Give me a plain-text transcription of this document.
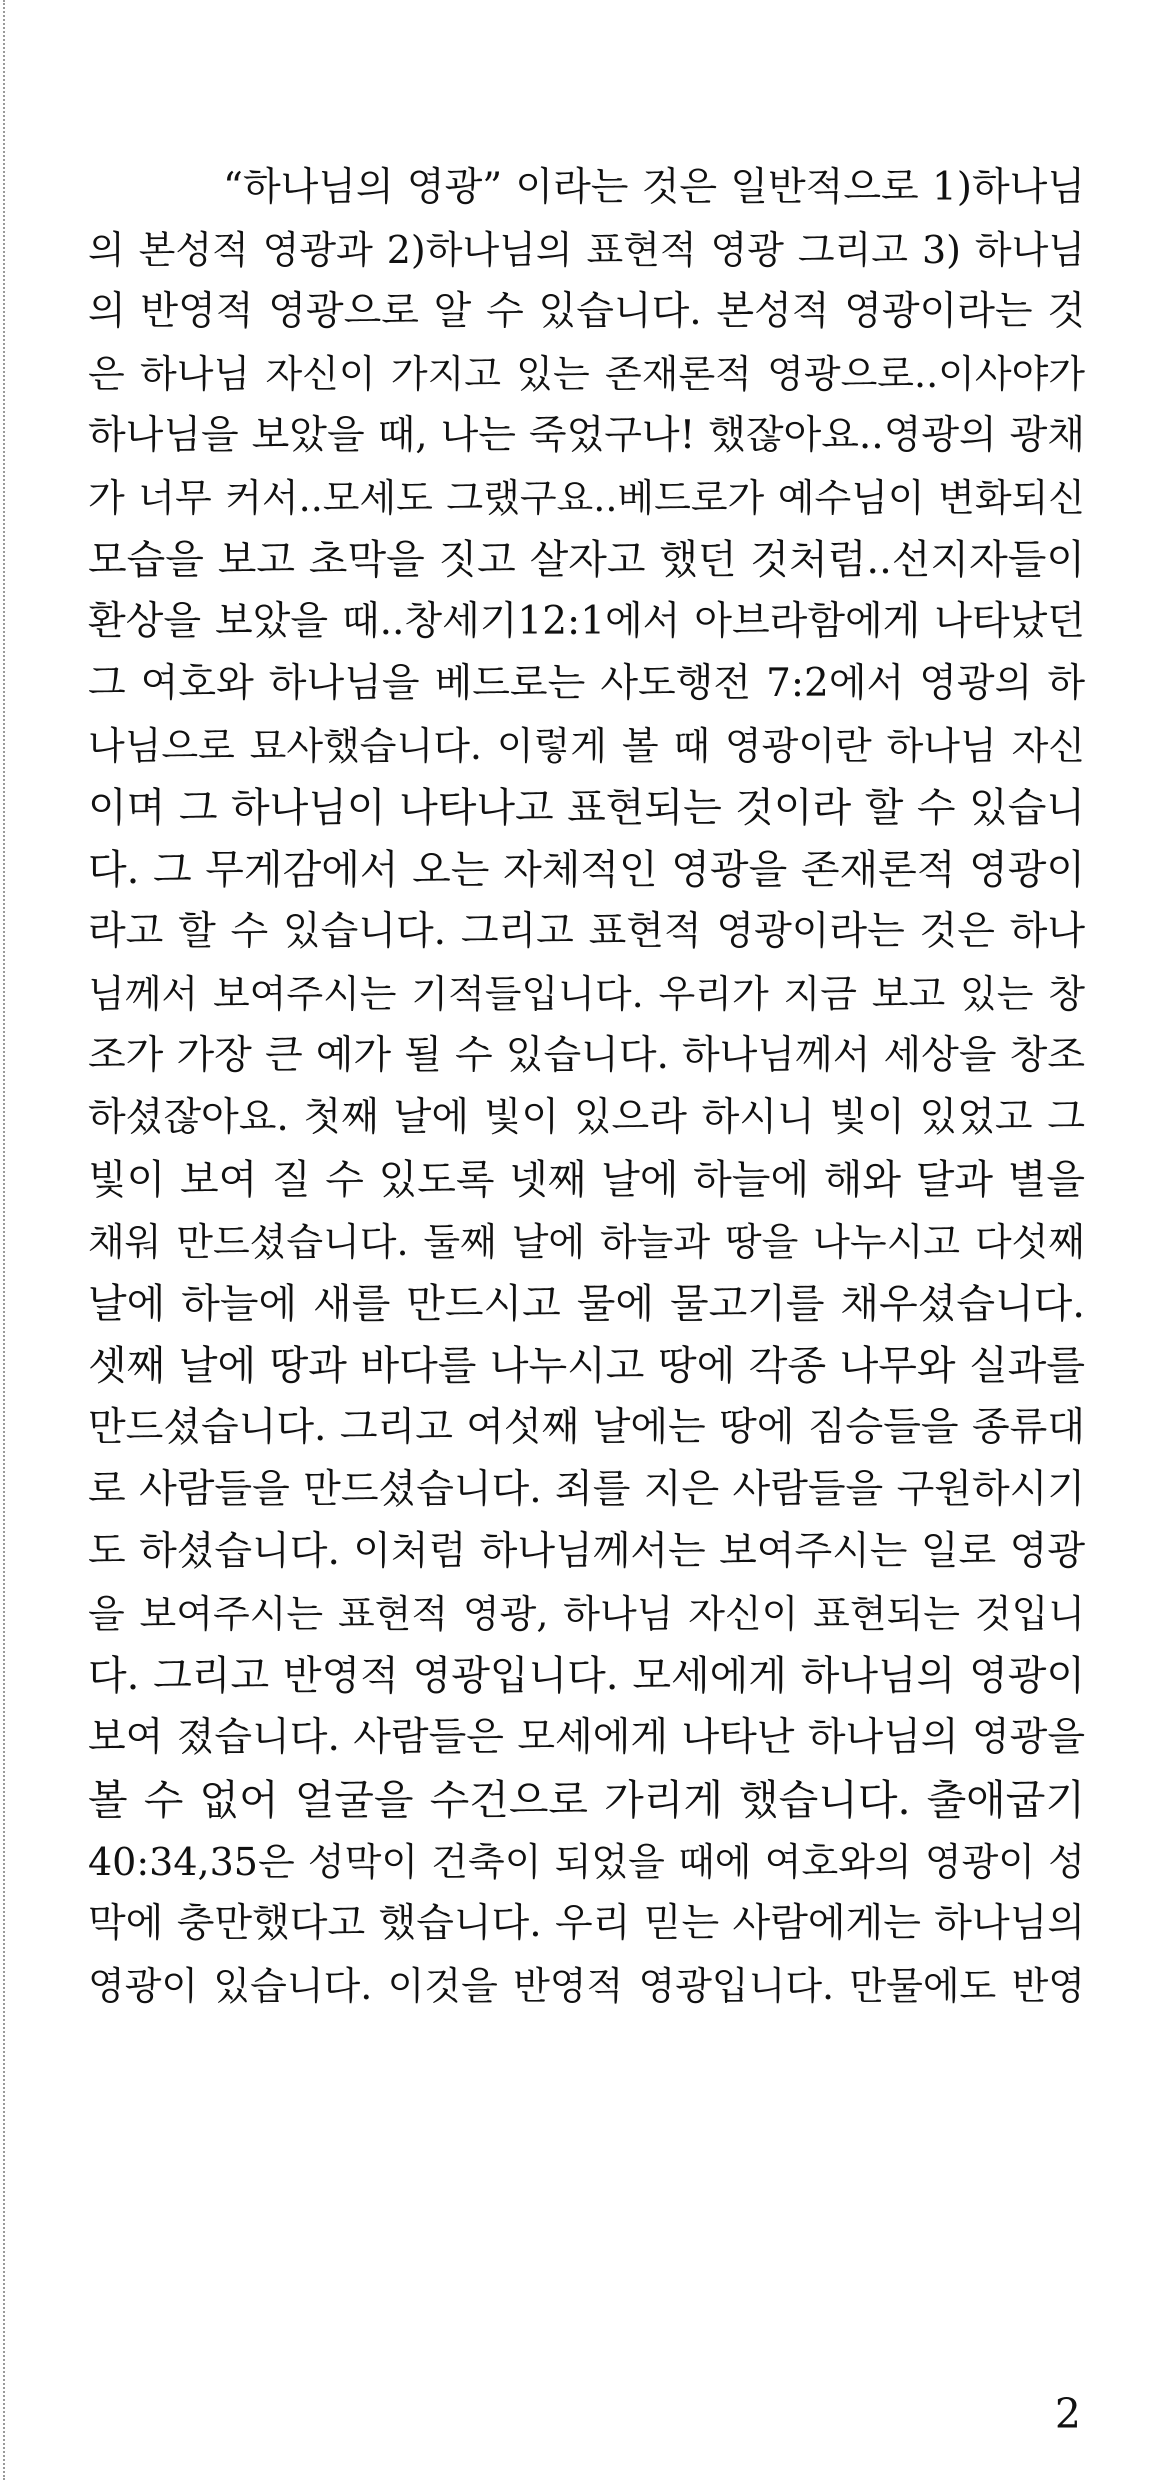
“하나님의 영광” 이라는 것은 일반적으로 1)하나님
의 본성적 영광과 2)하나님의 표현적 영광 그리고 3) 하나님
의 반영적 영광으로 알 수 있습니다. 본성적 영광이라는 것
은 하나님 자신이 가지고 있는 존재론적 영광으로..이사야가
하나님을 보았을 때, 나는 죽었구나! 했잖아요..영광의 광채
가 너무 커서..모세도 그랬구요..베드로가 예수님이 변화되신
모습을 보고 초막을 짓고 살자고 했던 것처럼..선지자들이
환상을 보았을 때..창세기12:1에서 아브라함에게 나타났던
그 여호와 하나님을 베드로는 사도행전 7:2에서 영광의 하
나님으로 묘사했습니다. 이렇게 볼 때 영광이란 하나님 자신
이며 그 하나님이 나타나고 표현되는 것이라 할 수 있습니
다. 그 무게감에서 오는 자체적인 영광을 존재론적 영광이
라고 할 수 있습니다. 그리고 표현적 영광이라는 것은 하나
님께서 보여주시는 기적들입니다. 우리가 지금 보고 있는 창
조가 가장 큰 예가 될 수 있습니다. 하나님께서 세상을 창조
하셨잖아요. 첫째 날에 빛이 있으라 하시니 빛이 있었고 그
빛이 보여 질 수 있도록 넷째 날에 하늘에 해와 달과 별을
채워 만드셨습니다. 둘째 날에 하늘과 땅을 나누시고 다섯째
날에 하늘에 새를 만드시고 물에 물고기를 채우셨습니다.
셋째 날에 땅과 바다를 나누시고 땅에 각종 나무와 실과를
만드셨습니다. 그리고 여섯째 날에는 땅에 짐승들을 종류대
로 사람들을 만드셨습니다. 죄를 지은 사람들을 구원하시기
도 하셨습니다. 이처럼 하나님께서는 보여주시는 일로 영광
을 보여주시는 표현적 영광, 하나님 자신이 표현되는 것입니
다. 그리고 반영적 영광입니다. 모세에게 하나님의 영광이
보여 졌습니다. 사람들은 모세에게 나타난 하나님의 영광을
볼 수 없어 얼굴을 수건으로 가리게 했습니다. 출애굽기
40:34,35은 성막이 건축이 되었을 때에 여호와의 영광이 성
막에 충만했다고 했습니다. 우리 믿는 사람에게는 하나님의
영광이 있습니다. 이것을 반영적 영광입니다. 만물에도 반영
2
